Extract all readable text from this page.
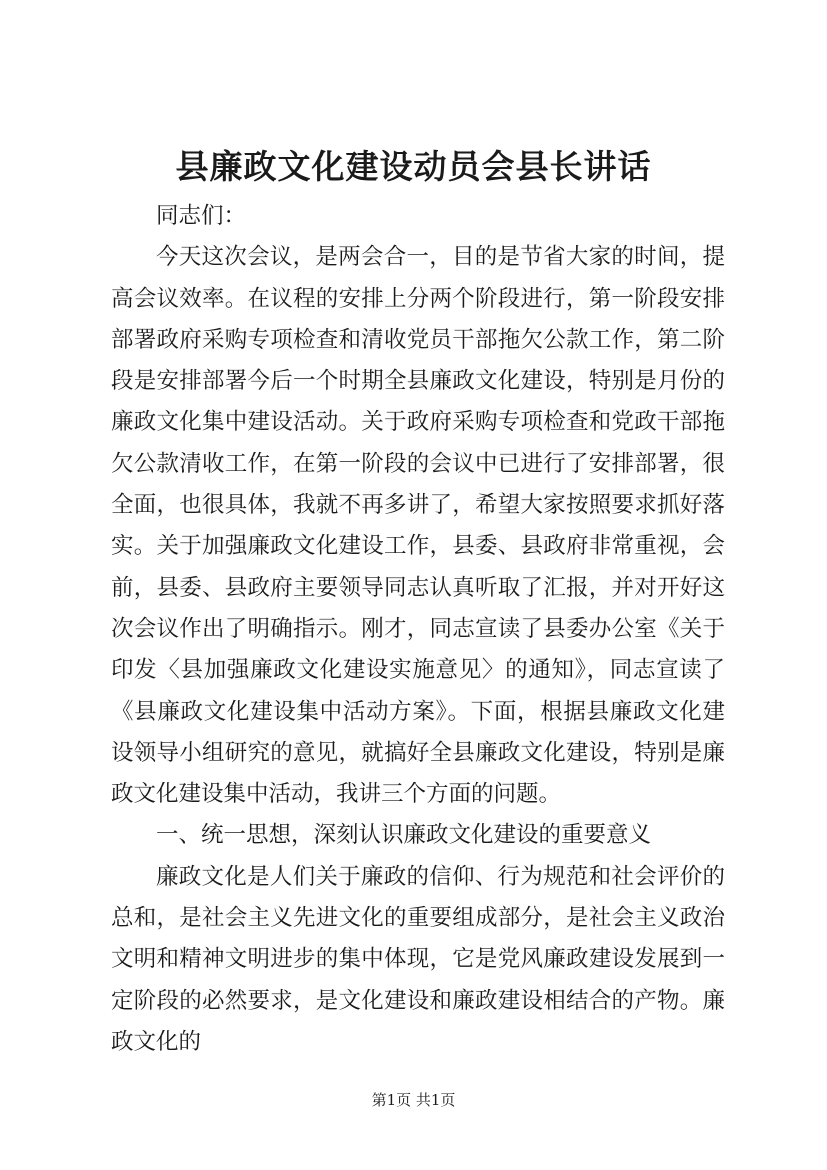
县廉政文化建设动员会县长讲话

同志们：

今天这次会议，是两会合一，目的是节省大家的时间，提高会议效率。在议程的安排上分两个阶段进行，第一阶段安排部署政府采购专项检查和清收党员干部拖欠公款工作，第二阶段是安排部署今后一个时期全县廉政文化建设，特别是月份的廉政文化集中建设活动。关于政府采购专项检查和党政干部拖欠公款清收工作，在第一阶段的会议中已进行了安排部署，很全面，也很具体，我就不再多讲了，希望大家按照要求抓好落实。关于加强廉政文化建设工作，县委、县政府非常重视，会前，县委、县政府主要领导同志认真听取了汇报，并对开好这次会议作出了明确指示。刚才，同志宣读了县委办公室《关于印发〈县加强廉政文化建设实施意见〉的通知》，同志宣读了《县廉政文化建设集中活动方案》。下面，根据县廉政文化建设领导小组研究的意见，就搞好全县廉政文化建设，特别是廉政文化建设集中活动，我讲三个方面的问题。

一、统一思想，深刻认识廉政文化建设的重要意义

廉政文化是人们关于廉政的信仰、行为规范和社会评价的总和，是社会主义先进文化的重要组成部分，是社会主义政治文明和精神文明进步的集中体现，它是党风廉政建设发展到一定阶段的必然要求，是文化建设和廉政建设相结合的产物。廉政文化的

第1页 共1页
